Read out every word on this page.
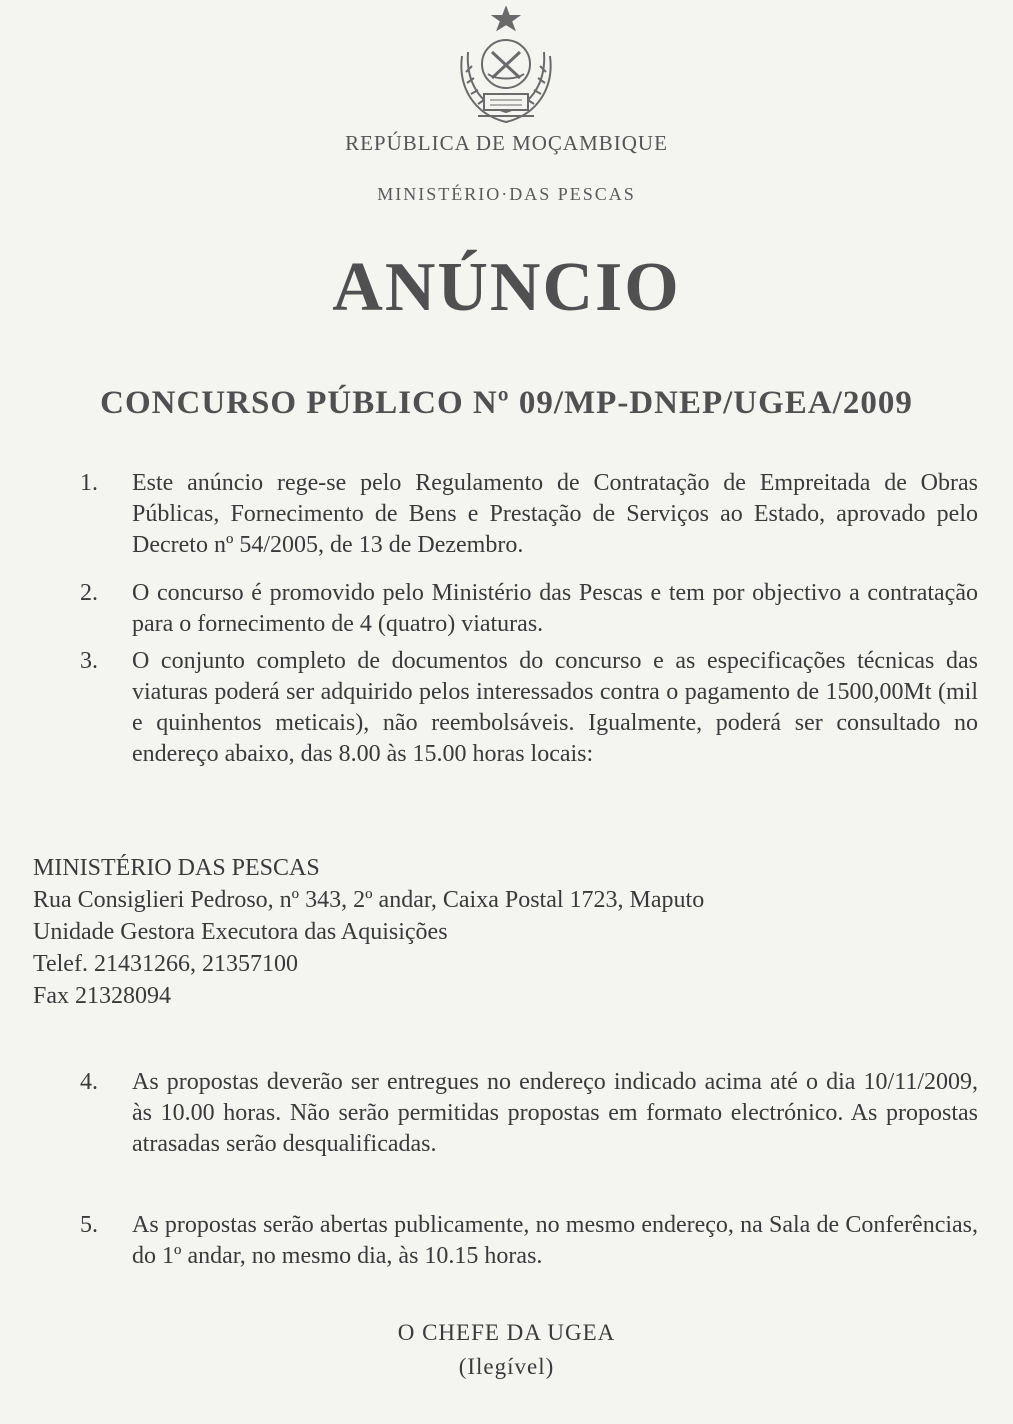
REPÚBLICA DE MOÇAMBIQUE
MINISTÉRIO·DAS PESCAS
ANÚNCIO
CONCURSO PÚBLICO Nº 09/MP-DNEP/UGEA/2009
1.	Este anúncio rege-se pelo Regulamento de Contratação de Empreitada de Obras Públicas, Fornecimento de Bens e Prestação de Serviços ao Estado, aprovado pelo Decreto nº 54/2005, de 13 de Dezembro.
2.	O concurso é promovido pelo Ministério das Pescas e tem por objectivo a contratação para o fornecimento de 4 (quatro) viaturas.
3.	O conjunto completo de documentos do concurso e as especificações técnicas das viaturas poderá ser adquirido pelos interessados contra o pagamento de 1500,00Mt (mil e quinhentos meticais), não reembolsáveis. Igualmente, poderá ser consultado no endereço abaixo, das 8.00 às 15.00 horas locais:
MINISTÉRIO DAS PESCAS
Rua Consiglieri Pedroso, nº 343, 2º andar, Caixa Postal 1723, Maputo
Unidade Gestora Executora das Aquisições
Telef. 21431266, 21357100
Fax 21328094
4.	As propostas deverão ser entregues no endereço indicado acima até o dia 10/11/2009, às 10.00 horas. Não serão permitidas propostas em formato electrónico. As propostas atrasadas serão desqualificadas.
5.	As propostas serão abertas publicamente, no mesmo endereço, na Sala de Conferências, do 1º andar, no mesmo dia, às 10.15 horas.
O CHEFE DA UGEA
(Ilegível)
